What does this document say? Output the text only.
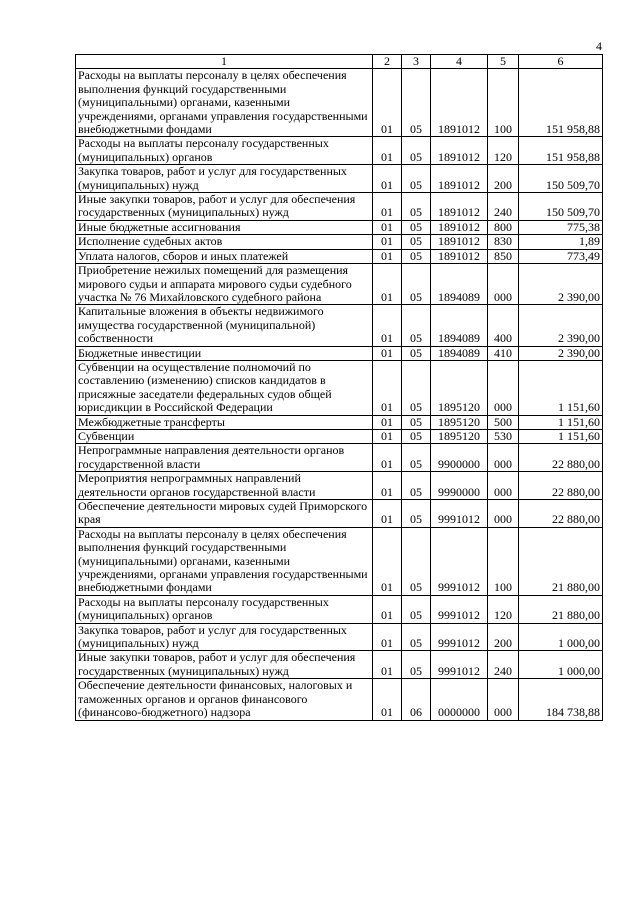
4
1	2	3	4	5	6
Расходы на выплаты персоналу в целях обеспечения выполнения функций государственными (муниципальными) органами, казенными учреждениями, органами управления государственными внебюджетными фондами	01	05	1891012	100	151 958,88
Расходы на выплаты персоналу государственных (муниципальных) органов	01	05	1891012	120	151 958,88
Закупка товаров, работ и услуг для государственных (муниципальных) нужд	01	05	1891012	200	150 509,70
Иные закупки товаров, работ и услуг для обеспечения государственных (муниципальных) нужд	01	05	1891012	240	150 509,70
Иные бюджетные ассигнования	01	05	1891012	800	775,38
Исполнение судебных актов	01	05	1891012	830	1,89
Уплата налогов, сборов и иных платежей	01	05	1891012	850	773,49
Приобретение нежилых помещений для размещения мирового судьи и аппарата мирового судьи судебного участка № 76 Михайловского судебного района	01	05	1894089	000	2 390,00
Капитальные вложения в объекты недвижимого имущества государственной (муниципальной) собственности	01	05	1894089	400	2 390,00
Бюджетные инвестиции	01	05	1894089	410	2 390,00
Субвенции на осуществление полномочий по составлению (изменению) списков кандидатов в присяжные заседатели федеральных судов общей юрисдикции в Российской Федерации	01	05	1895120	000	1 151,60
Межбюджетные трансферты	01	05	1895120	500	1 151,60
Субвенции	01	05	1895120	530	1 151,60
Непрограммные направления деятельности органов государственной власти	01	05	9900000	000	22 880,00
Мероприятия непрограммных направлений деятельности органов государственной власти	01	05	9990000	000	22 880,00
Обеспечение деятельности мировых судей Приморского края	01	05	9991012	000	22 880,00
Расходы на выплаты персоналу в целях обеспечения выполнения функций государственными (муниципальными) органами, казенными учреждениями, органами управления государственными внебюджетными фондами	01	05	9991012	100	21 880,00
Расходы на выплаты персоналу государственных (муниципальных) органов	01	05	9991012	120	21 880,00
Закупка товаров, работ и услуг для государственных (муниципальных) нужд	01	05	9991012	200	1 000,00
Иные закупки товаров, работ и услуг для обеспечения государственных (муниципальных) нужд	01	05	9991012	240	1 000,00
Обеспечение деятельности финансовых, налоговых и таможенных органов и органов финансового (финансово-бюджетного) надзора	01	06	0000000	000	184 738,88
